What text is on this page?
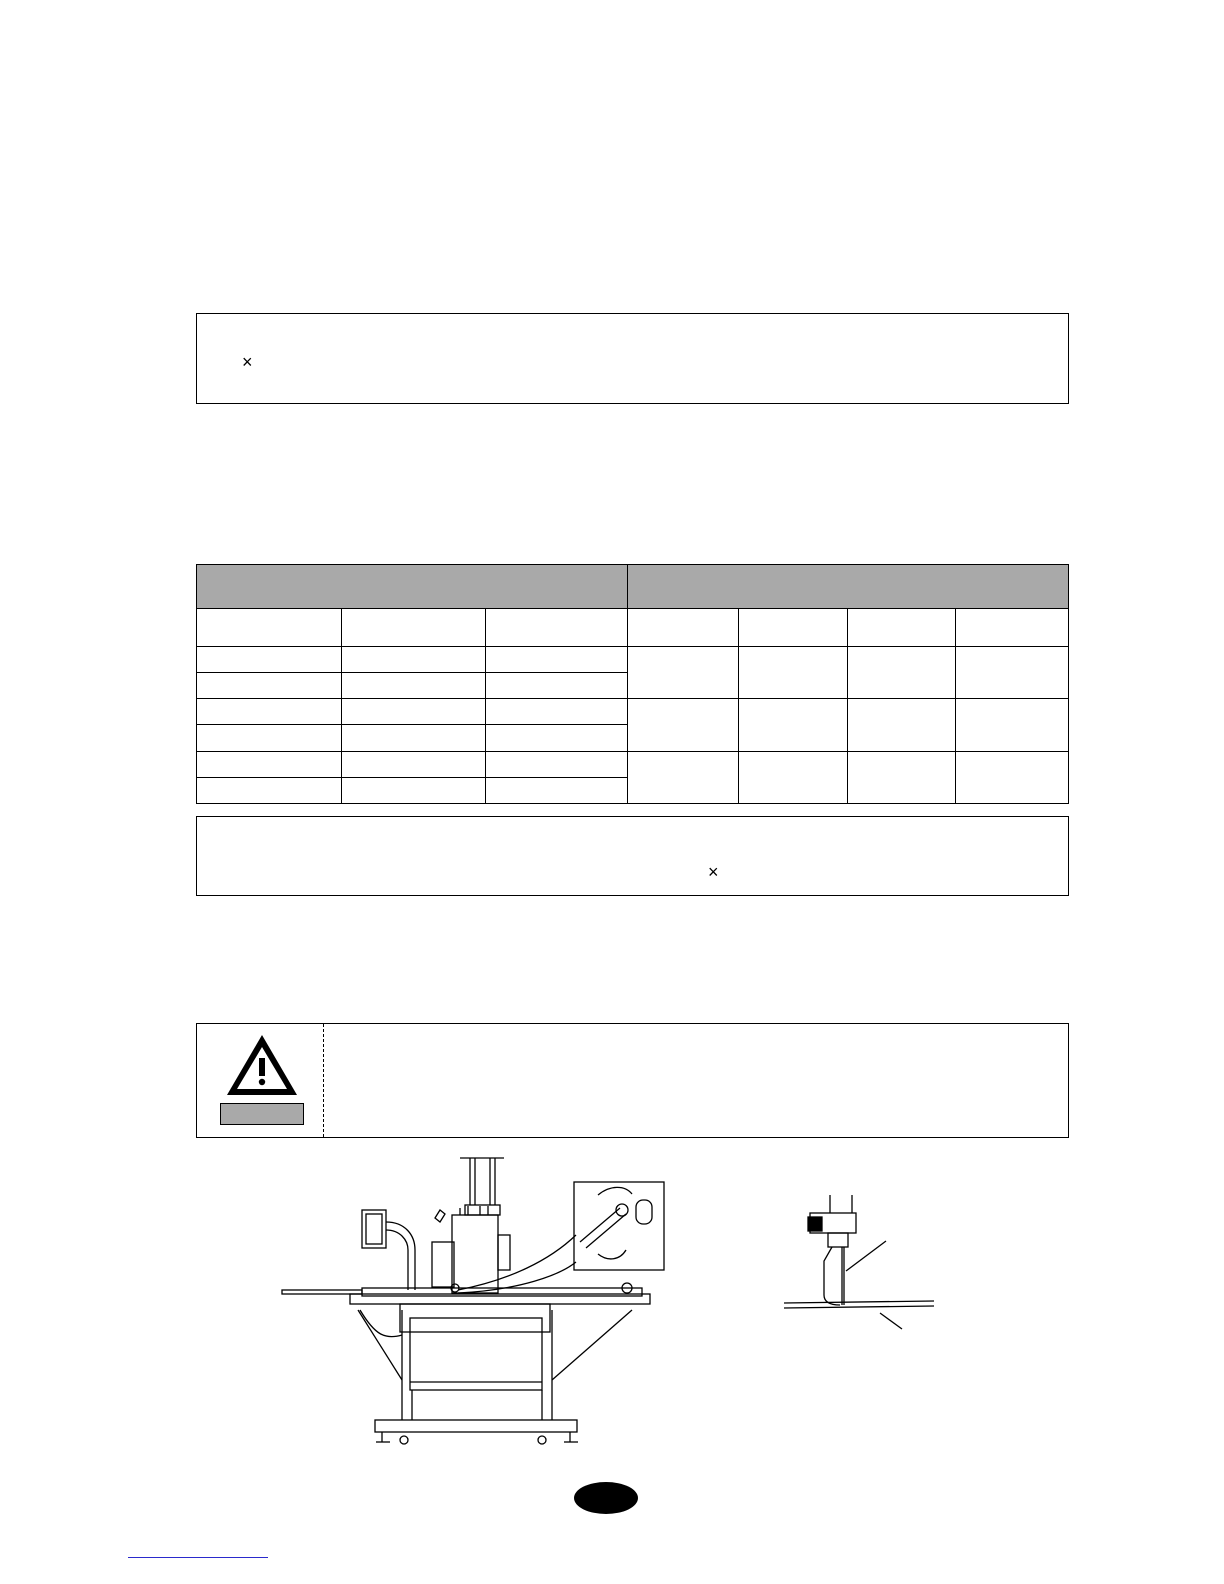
×

×
